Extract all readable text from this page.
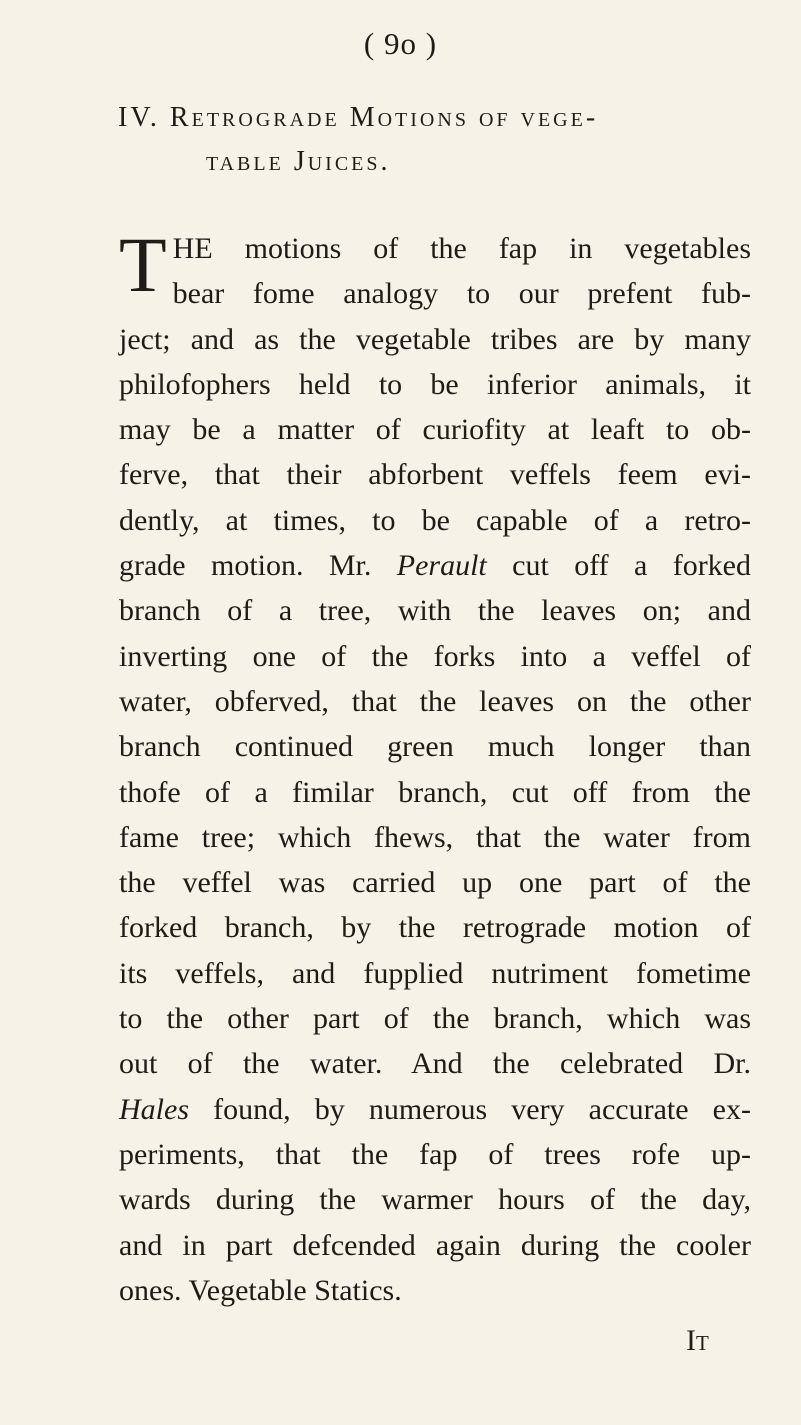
( 9o )
IV. Retrograde Motions of vege-
table Juices.
T HE motions of the fap in vegetables
bear fome analogy to our prefent fub-
ject; and as the vegetable tribes are by many
philofophers held to be inferior animals, it
may be a matter of curiofity at leaft to ob-
ferve, that their abforbent veffels feem evi-
dently, at times, to be capable of a retro-
grade motion. Mr. Perault cut off a forked
branch of a tree, with the leaves on; and
inverting one of the forks into a veffel of
water, obferved, that the leaves on the other
branch continued green much longer than
thofe of a fimilar branch, cut off from the
fame tree; which fhews, that the water from
the veffel was carried up one part of the
forked branch, by the retrograde motion of
its veffels, and fupplied nutriment fometime
to the other part of the branch, which was
out of the water. And the celebrated Dr.
Hales found, by numerous very accurate ex-
periments, that the fap of trees rofe up-
wards during the warmer hours of the day,
and in part defcended again during the cooler
ones. Vegetable Statics.
It
